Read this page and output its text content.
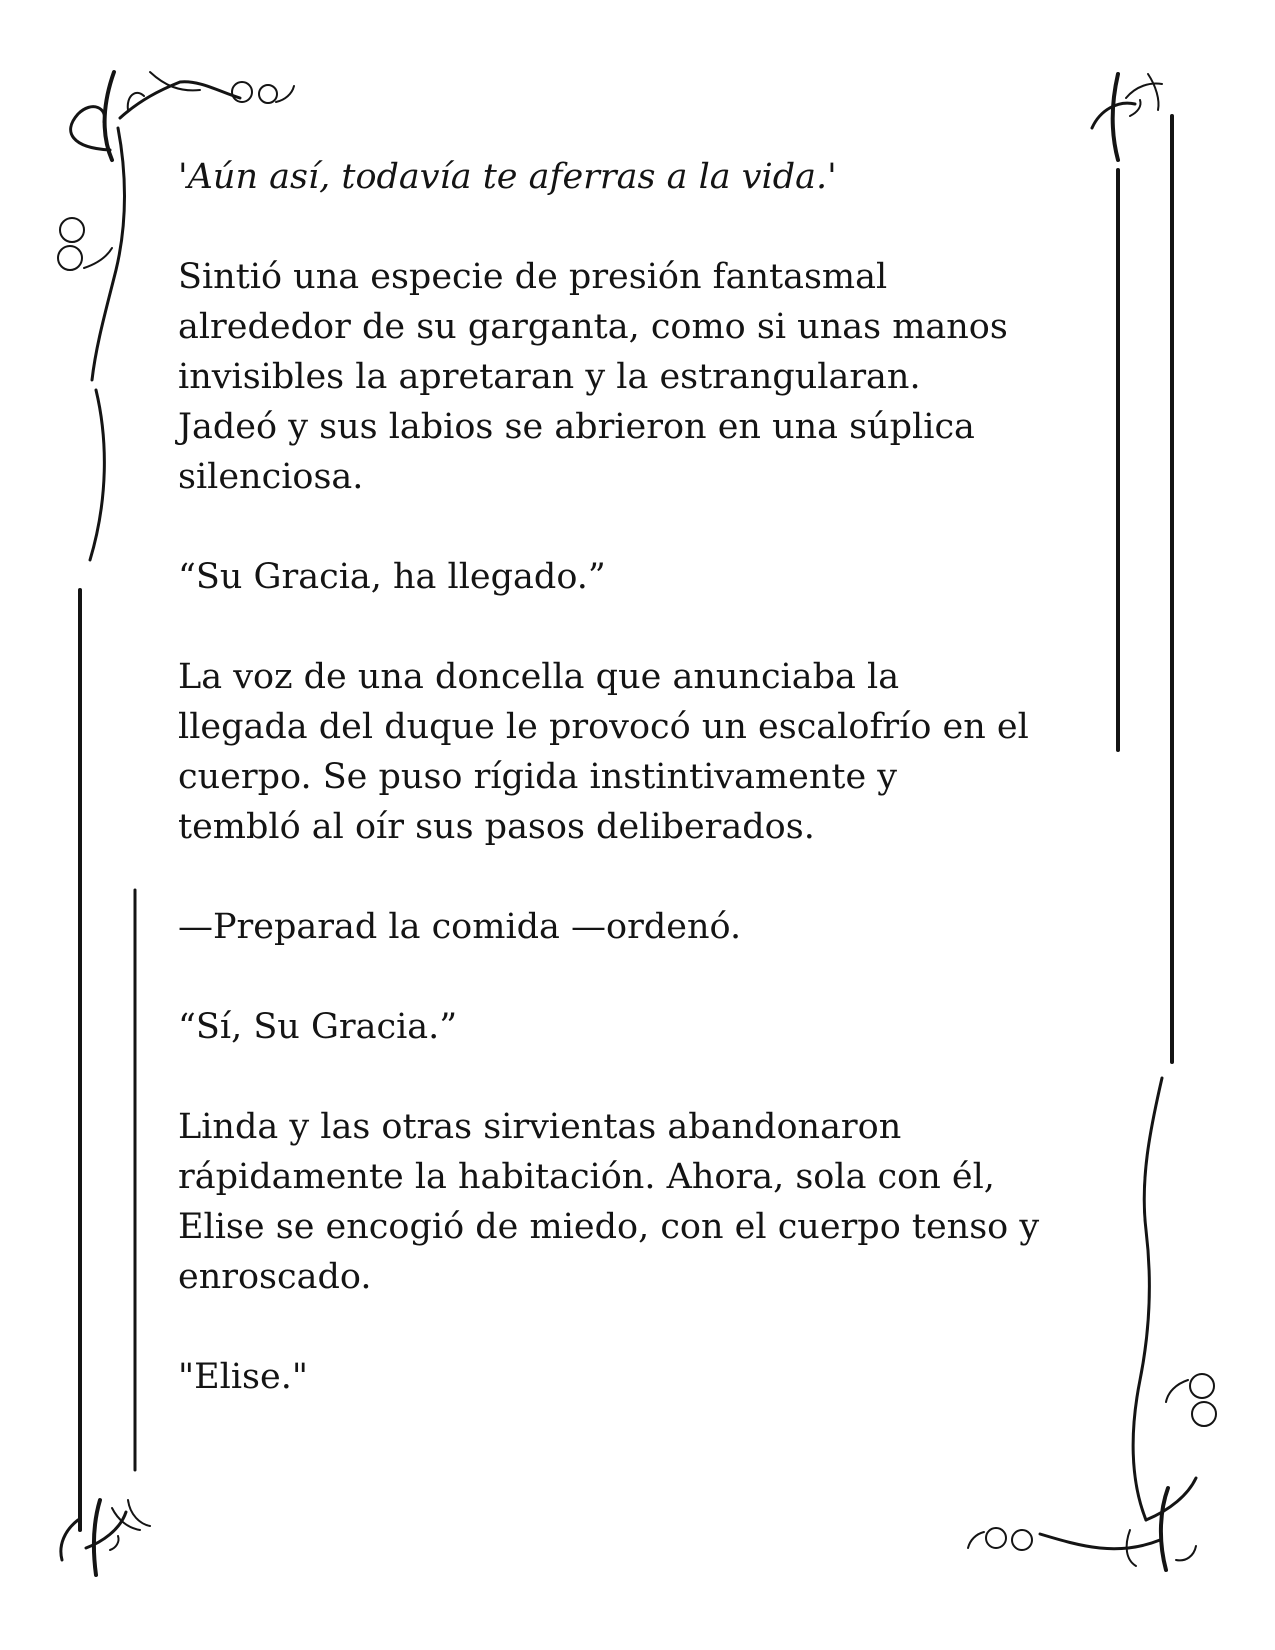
'Aún así, todavía te aferras a la vida.'

Sintió una especie de presión fantasmal
alrededor de su garganta, como si unas manos
invisibles la apretaran y la estrangularan.
Jadeó y sus labios se abrieron en una súplica
silenciosa.

“Su Gracia, ha llegado.”

La voz de una doncella que anunciaba la
llegada del duque le provocó un escalofrío en el
cuerpo. Se puso rígida instintivamente y
tembló al oír sus pasos deliberados.

—Preparad la comida —ordenó.

“Sí, Su Gracia.”

Linda y las otras sirvientas abandonaron
rápidamente la habitación. Ahora, sola con él,
Elise se encogió de miedo, con el cuerpo tenso y
enroscado.

"Elise."
